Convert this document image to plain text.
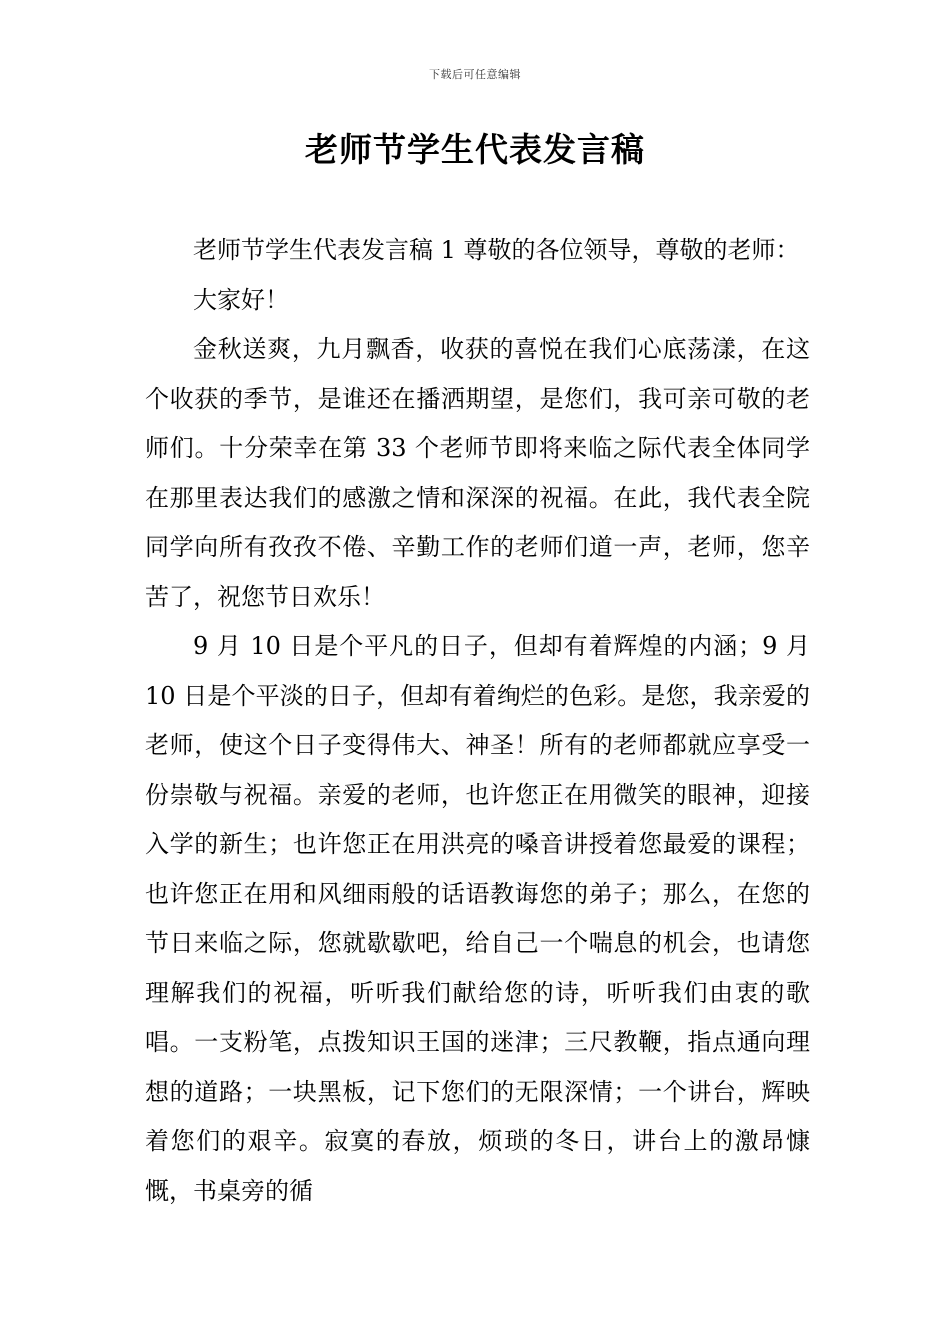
下载后可任意编辑
老师节学生代表发言稿

老师节学生代表发言稿 1 尊敬的各位领导，尊敬的老师：

大家好！

金秋送爽，九月飘香，收获的喜悦在我们心底荡漾，在这个收获的季节，是谁还在播洒期望，是您们，我可亲可敬的老师们。十分荣幸在第 33 个老师节即将来临之际代表全体同学在那里表达我们的感激之情和深深的祝福。在此，我代表全院同学向所有孜孜不倦、辛勤工作的老师们道一声，老师，您辛苦了，祝您节日欢乐！

9 月 10 日是个平凡的日子，但却有着辉煌的内涵；9 月 10 日是个平淡的日子，但却有着绚烂的色彩。是您，我亲爱的老师，使这个日子变得伟大、神圣！所有的老师都就应享受一份崇敬与祝福。亲爱的老师，也许您正在用微笑的眼神，迎接入学的新生；也许您正在用洪亮的嗓音讲授着您最爱的课程；也许您正在用和风细雨般的话语教诲您的弟子；那么，在您的节日来临之际，您就歇歇吧，给自己一个喘息的机会，也请您理解我们的祝福，听听我们献给您的诗，听听我们由衷的歌唱。一支粉笔，点拨知识王国的迷津；三尺教鞭，指点通向理想的道路；一块黑板，记下您们的无限深情；一个讲台，辉映着您们的艰辛。寂寞的春放，烦琐的冬日，讲台上的激昂慷慨，书桌旁的循
